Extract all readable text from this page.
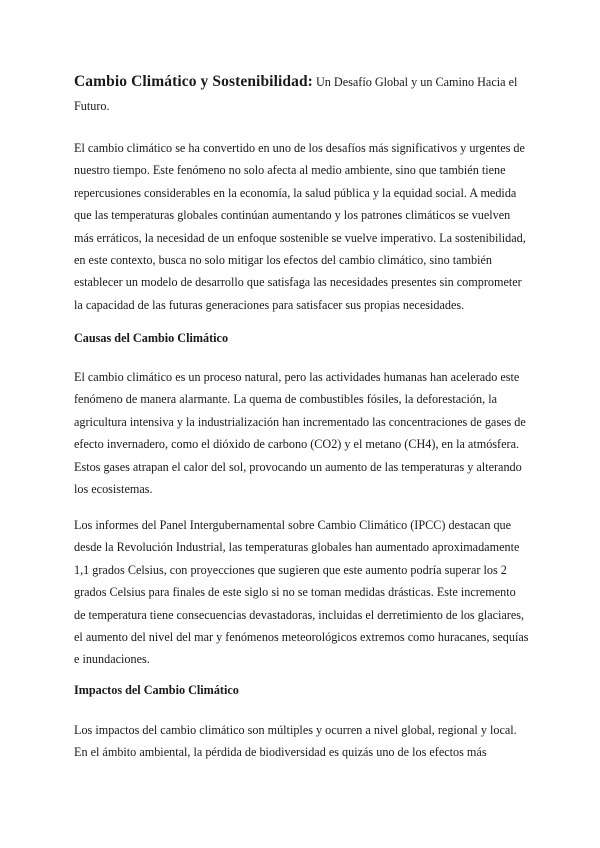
Cambio Climático y Sostenibilidad: Un Desafío Global y un Camino Hacia el Futuro.

El cambio climático se ha convertido en uno de los desafíos más significativos y urgentes de nuestro tiempo. Este fenómeno no solo afecta al medio ambiente, sino que también tiene repercusiones considerables en la economía, la salud pública y la equidad social. A medida que las temperaturas globales continúan aumentando y los patrones climáticos se vuelven más erráticos, la necesidad de un enfoque sostenible se vuelve imperativo. La sostenibilidad, en este contexto, busca no solo mitigar los efectos del cambio climático, sino también establecer un modelo de desarrollo que satisfaga las necesidades presentes sin comprometer la capacidad de las futuras generaciones para satisfacer sus propias necesidades.

Causas del Cambio Climático

El cambio climático es un proceso natural, pero las actividades humanas han acelerado este fenómeno de manera alarmante. La quema de combustibles fósiles, la deforestación, la agricultura intensiva y la industrialización han incrementado las concentraciones de gases de efecto invernadero, como el dióxido de carbono (CO2) y el metano (CH4), en la atmósfera. Estos gases atrapan el calor del sol, provocando un aumento de las temperaturas y alterando los ecosistemas.

Los informes del Panel Intergubernamental sobre Cambio Climático (IPCC) destacan que desde la Revolución Industrial, las temperaturas globales han aumentado aproximadamente 1,1 grados Celsius, con proyecciones que sugieren que este aumento podría superar los 2 grados Celsius para finales de este siglo si no se toman medidas drásticas. Este incremento de temperatura tiene consecuencias devastadoras, incluidas el derretimiento de los glaciares, el aumento del nivel del mar y fenómenos meteorológicos extremos como huracanes, sequías e inundaciones.

Impactos del Cambio Climático

Los impactos del cambio climático son múltiples y ocurren a nivel global, regional y local. En el ámbito ambiental, la pérdida de biodiversidad es quizás uno de los efectos más
